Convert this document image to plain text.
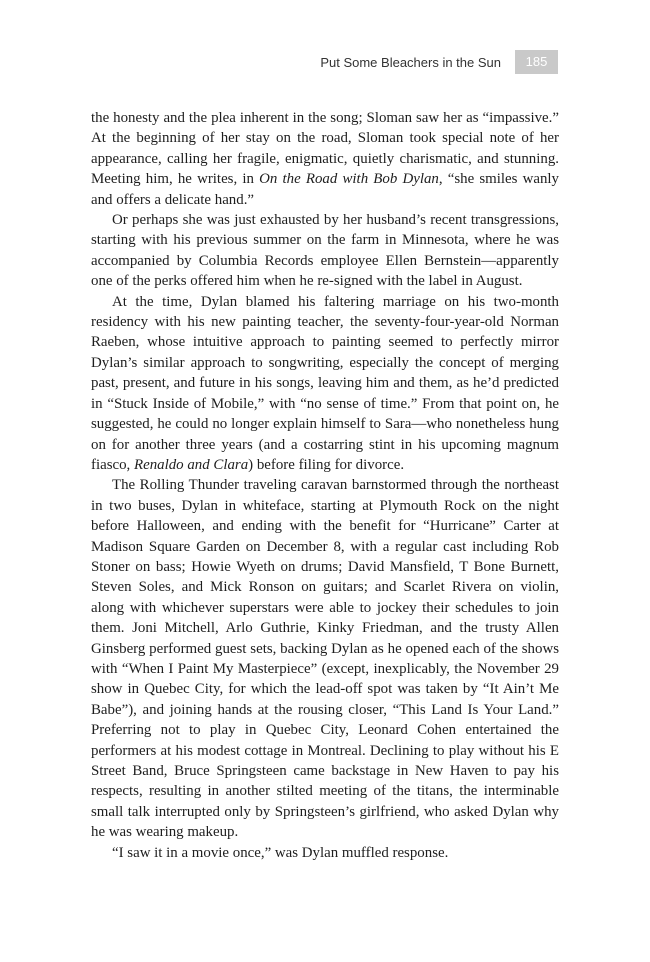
Put Some Bleachers in the Sun	185

the honesty and the plea inherent in the song; Sloman saw her as “impassive.” At the beginning of her stay on the road, Sloman took special note of her appearance, calling her fragile, enigmatic, quietly charismatic, and stunning. Meeting him, he writes, in On the Road with Bob Dylan, “she smiles wanly and offers a delicate hand.”

Or perhaps she was just exhausted by her husband’s recent transgressions, starting with his previous summer on the farm in Minnesota, where he was accompanied by Columbia Records employee Ellen Bernstein—apparently one of the perks offered him when he re-signed with the label in August.

At the time, Dylan blamed his faltering marriage on his two-month residency with his new painting teacher, the seventy-four-year-old Norman Raeben, whose intuitive approach to painting seemed to perfectly mirror Dylan’s similar approach to songwriting, especially the concept of merging past, present, and future in his songs, leaving him and them, as he’d predicted in “Stuck Inside of Mobile,” with “no sense of time.” From that point on, he suggested, he could no longer explain himself to Sara—who nonetheless hung on for another three years (and a costarring stint in his upcoming magnum fiasco, Renaldo and Clara) before filing for divorce.

The Rolling Thunder traveling caravan barnstormed through the northeast in two buses, Dylan in whiteface, starting at Plymouth Rock on the night before Halloween, and ending with the benefit for “Hurricane” Carter at Madison Square Garden on December 8, with a regular cast including Rob Stoner on bass; Howie Wyeth on drums; David Mansfield, T Bone Burnett, Steven Soles, and Mick Ronson on guitars; and Scarlet Rivera on violin, along with whichever superstars were able to jockey their schedules to join them. Joni Mitchell, Arlo Guthrie, Kinky Friedman, and the trusty Allen Ginsberg performed guest sets, backing Dylan as he opened each of the shows with “When I Paint My Masterpiece” (except, inexplicably, the November 29 show in Quebec City, for which the lead-off spot was taken by “It Ain’t Me Babe”), and joining hands at the rousing closer, “This Land Is Your Land.” Preferring not to play in Quebec City, Leonard Cohen entertained the performers at his modest cottage in Montreal. Declining to play without his E Street Band, Bruce Springsteen came backstage in New Haven to pay his respects, resulting in another stilted meeting of the titans, the interminable small talk interrupted only by Springsteen’s girlfriend, who asked Dylan why he was wearing makeup.

“I saw it in a movie once,” was Dylan muffled response.
